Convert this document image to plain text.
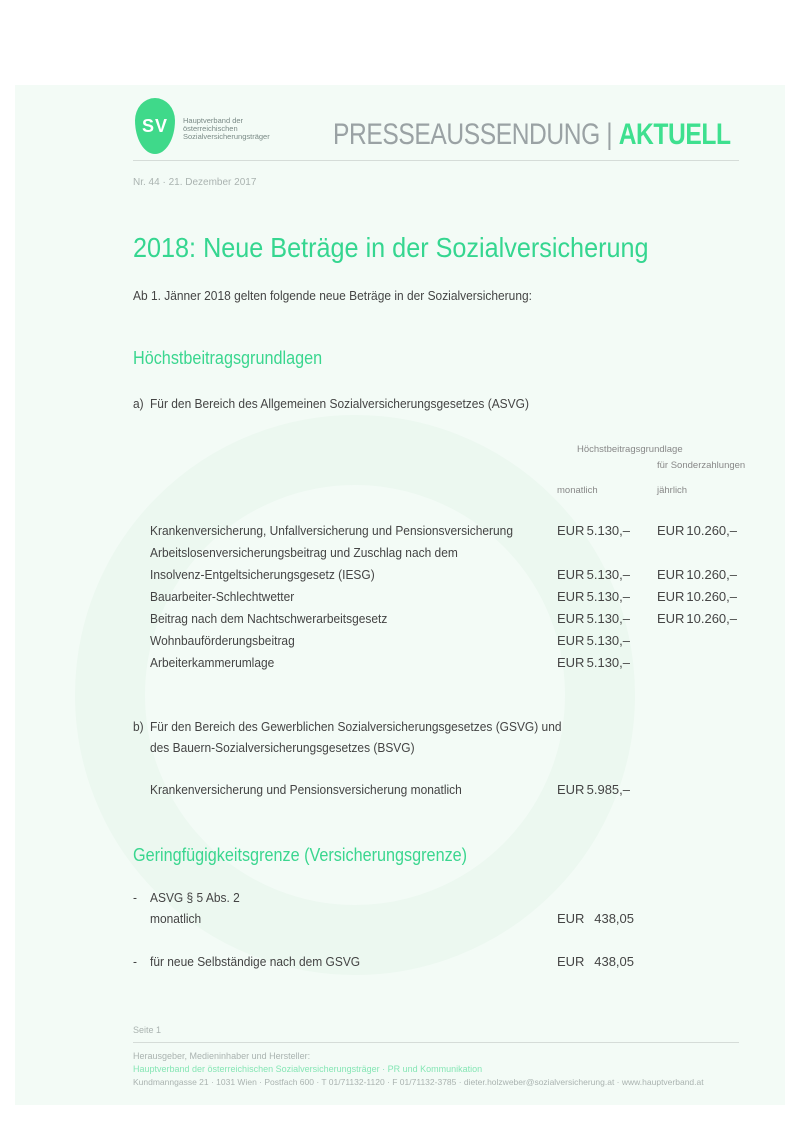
SV Hauptverband der österreichischen Sozialversicherungsträger	PRESSEAUSSENDUNG | AKTUELL
Nr. 44 · 21. Dezember 2017
2018: Neue Beträge in der Sozialversicherung
Ab 1. Jänner 2018 gelten folgende neue Beträge in der Sozialversicherung:
Höchstbeitragsgrundlagen
a) Für den Bereich des Allgemeinen Sozialversicherungsgesetzes (ASVG)
Höchstbeitragsgrundlage
für Sonderzahlungen
monatlich	jährlich
Krankenversicherung, Unfallversicherung und Pensionsversicherung	EUR 5.130,– EUR 10.260,–
Arbeitslosenversicherungsbeitrag und Zuschlag nach dem
Insolvenz-Entgeltsicherungsgesetz (IESG)	EUR 5.130,– EUR 10.260,–
Bauarbeiter-Schlechtwetter	EUR 5.130,– EUR 10.260,–
Beitrag nach dem Nachtschwerarbeitsgesetz	EUR 5.130,– EUR 10.260,–
Wohnbauförderungsbeitrag	EUR 5.130,–
Arbeiterkammerumlage	EUR 5.130,–
b) Für den Bereich des Gewerblichen Sozialversicherungsgesetzes (GSVG) und
des Bauern-Sozialversicherungsgesetzes (BSVG)
Krankenversicherung und Pensionsversicherung monatlich	EUR 5.985,–
Geringfügigkeitsgrenze (Versicherungsgrenze)
- ASVG § 5 Abs. 2
monatlich	EUR 438,05
- für neue Selbständige nach dem GSVG	EUR 438,05
Seite 1
Herausgeber, Medieninhaber und Hersteller:
Hauptverband der österreichischen Sozialversicherungsträger · PR und Kommunikation
Kundmanngasse 21 · 1031 Wien · Postfach 600 · T 01/71132-1120 · F 01/71132-3785 · dieter.holzweber@sozialversicherung.at · www.hauptverband.at
